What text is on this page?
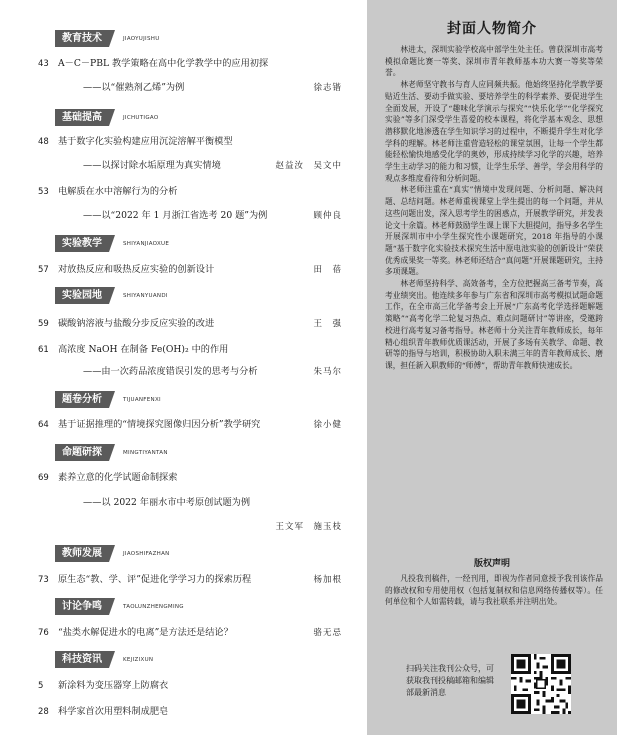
教育技术	JIAOYUJISHU
43 A－C－PBL 教学策略在高中化学教学中的应用初探
——以“催熟剂乙烯”为例	徐志锴
基础提高	JICHUTIGAO
48 基于数字化实验构建应用沉淀溶解平衡模型
——以探讨除水垢原理为真实情境	赵益汝　吴文中
53 电解质在水中溶解行为的分析
——以“2022 年 1 月浙江省选考 20 题”为例	顾仲良
实验教学	SHIYANJIAOXUE
57 对放热反应和吸热反应实验的创新设计	田　蓓
实验园地	SHIYANYUANDI
59 碳酸钠溶液与盐酸分步反应实验的改进	王　强
61 高浓度 NaOH 在制备 Fe(OH)₂ 中的作用
——由一次药品浓度错误引发的思考与分析	朱马尔
题卷分析	TIJUANFENXI
64 基于证据推理的“情境探究图像归因分析”教学研究	徐小健
命题研探	MINGTIYANTAN
69 素养立意的化学试题命制探索
——以 2022 年丽水市中考原创试题为例
王文军　施玉枝
教师发展	JIAOSHIFAZHAN
73 原生态“教、学、评”促进化学学习力的探索历程	杨加根
讨论争鸣	TAOLUNZHENGMING
76 “盐类水解促进水的电离”是方法还是结论？	骆无忌
科技资讯	KEJIZIXUN
5 新涂料为变压器穿上防腐衣
28 科学家首次用塑料制成肥皂
封面人物简介

林进太，深圳实验学校高中部学生处主任。曾获深圳市高考模拟命题比赛一等奖、深圳市青年教师基本功大赛一等奖等荣誉。

林老师坚守教书与育人应同频共振。他始终坚持化学教学要贴近生活、要动手做实验、要培养学生的科学素养、要促进学生全面发展，开设了“趣味化学演示与探究”“快乐化学”“化学探究实验”等多门深受学生喜爱的校本课程，将化学基本观念、思想潜移默化地渗透在学生知识学习的过程中，不断提升学生对化学学科的理解。林老师注重营造轻松的课堂氛围，让每一个学生都能轻松愉快地感受化学的奥妙，形成持续学习化学的兴趣，培养学生主动学习的能力和习惯，让学生乐学、善学，学会用科学的观点多维度看待和分析问题。

林老师注重在“真实”情境中发现问题、分析问题、解决问题、总结问题。林老师重视课堂上学生提出的每一个问题，并从这些问题出发，深入思考学生的困惑点，开展教学研究，并发表论文十余篇。林老师鼓励学生课上课下大胆提问，指导多名学生开展深圳市中小学生探究性小课题研究，2018 年指导的小课题“基于数字化实验技术探究生活中原电池实验的创新设计”荣获优秀成果奖一等奖。林老师还结合“真问题”开展课题研究，主持多项课题。

林老师坚持科学、高效备考，全方位把握高三备考节奏，高考业绩突出。他连续多年参与广东省和深圳市高考模拟试题命题工作，在全市高三化学备考会上开展“广东高考化学选择题解题策略”“高考化学二轮复习热点、难点问题研讨”等讲座，受邀跨校进行高考复习备考指导。林老师十分关注青年教师成长，每年精心组织青年教师优质课活动，开展了多场有关教学、命题、教研等的指导与培训，积极协助入职未满三年的青年教师成长、磨课，担任新入职教师的“师傅”，帮助青年教师快速成长。

版权声明
凡投我刊稿件，一经刊用，即视为作者同意授予我刊该作品的修改权和专用使用权（包括复制权和信息网络传播权等）。任何单位和个人如需转载，请与我社联系并注明出处。
扫码关注我刊公众号，可获取我刊投稿邮箱和编辑部最新消息
